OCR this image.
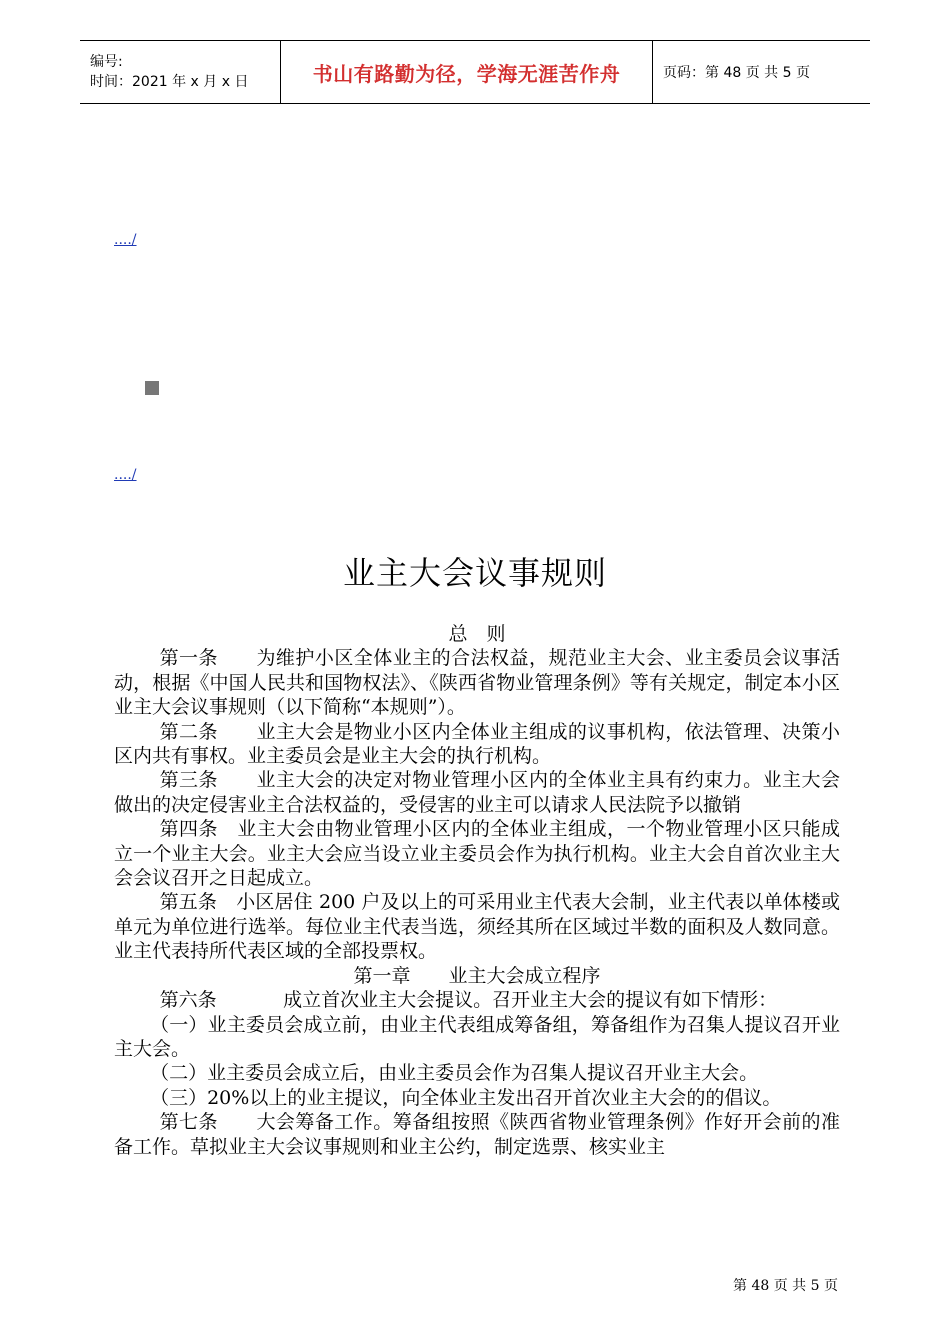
编号:
时间：2021 年 x 月 x 日	书山有路勤为径，学海无涯苦作舟	页码：第 48 页 共 5 页
..../
..../
业主大会议事规则

总　则

第一条 为维护小区全体业主的合法权益，规范业主大会、业主委员会议事活动，根据《中国人民共和国物权法》、《陕西省物业管理条例》等有关规定，制定本小区业主大会议事规则（以下简称“本规则”）。

第二条 业主大会是物业小区内全体业主组成的议事机构，依法管理、决策小区内共有事权。业主委员会是业主大会的执行机构。

第三条 业主大会的决定对物业管理小区内的全体业主具有约束力。业主大会做出的决定侵害业主合法权益的，受侵害的业主可以请求人民法院予以撤销

第四条 业主大会由物业管理小区内的全体业主组成，一个物业管理小区只能成立一个业主大会。业主大会应当设立业主委员会作为执行机构。业主大会自首次业主大会会议召开之日起成立。

第五条 小区居住 200 户及以上的可采用业主代表大会制，业主代表以单体楼或单元为单位进行选举。每位业主代表当选，须经其所在区域过半数的面积及人数同意。业主代表持所代表区域的全部投票权。

第一章 业主大会成立程序

第六条	成立首次业主大会提议。召开业主大会的提议有如下情形：

（一）业主委员会成立前，由业主代表组成筹备组，筹备组作为召集人提议召开业主大会。

（二）业主委员会成立后，由业主委员会作为召集人提议召开业主大会。

（三）20%以上的业主提议，向全体业主发出召开首次业主大会的的倡议。

第七条 大会筹备工作。筹备组按照《陕西省物业管理条例》作好开会前的准备工作。草拟业主大会议事规则和业主公约，制定选票、核实业主

第 48 页 共 5 页
